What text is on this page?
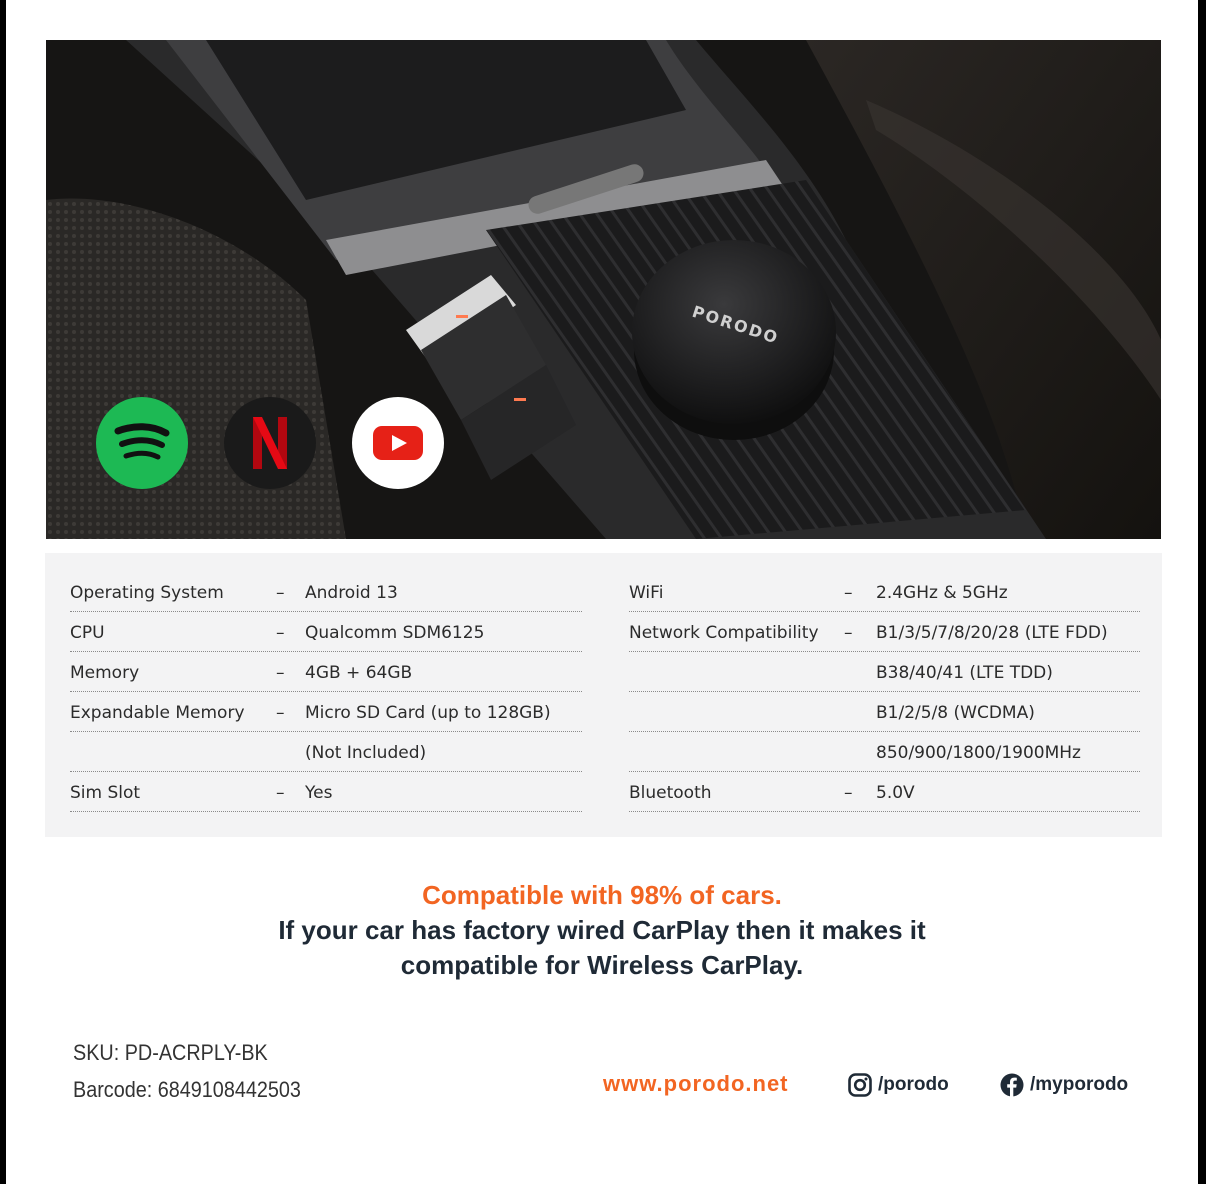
PORODO
Operating System	– Android 13
CPU	– Qualcomm SDM6125
Memory	– 4GB + 64GB
Expandable Memory – Micro SD Card (up to 128GB)
(Not Included)
Sim Slot	– Yes
WiFi	– 2.4GHz & 5GHz
Network Compatibility – B1/3/5/7/8/20/28 (LTE FDD)
B38/40/41 (LTE TDD)
B1/2/5/8 (WCDMA)
850/900/1800/1900MHz
Bluetooth	– 5.0V
Compatible with 98% of cars.
If your car has factory wired CarPlay then it makes it
compatible for Wireless CarPlay.
SKU: PD-ACRPLY-BK
Barcode: 6849108442503	www.porodo.net	/porodo	/myporodo
